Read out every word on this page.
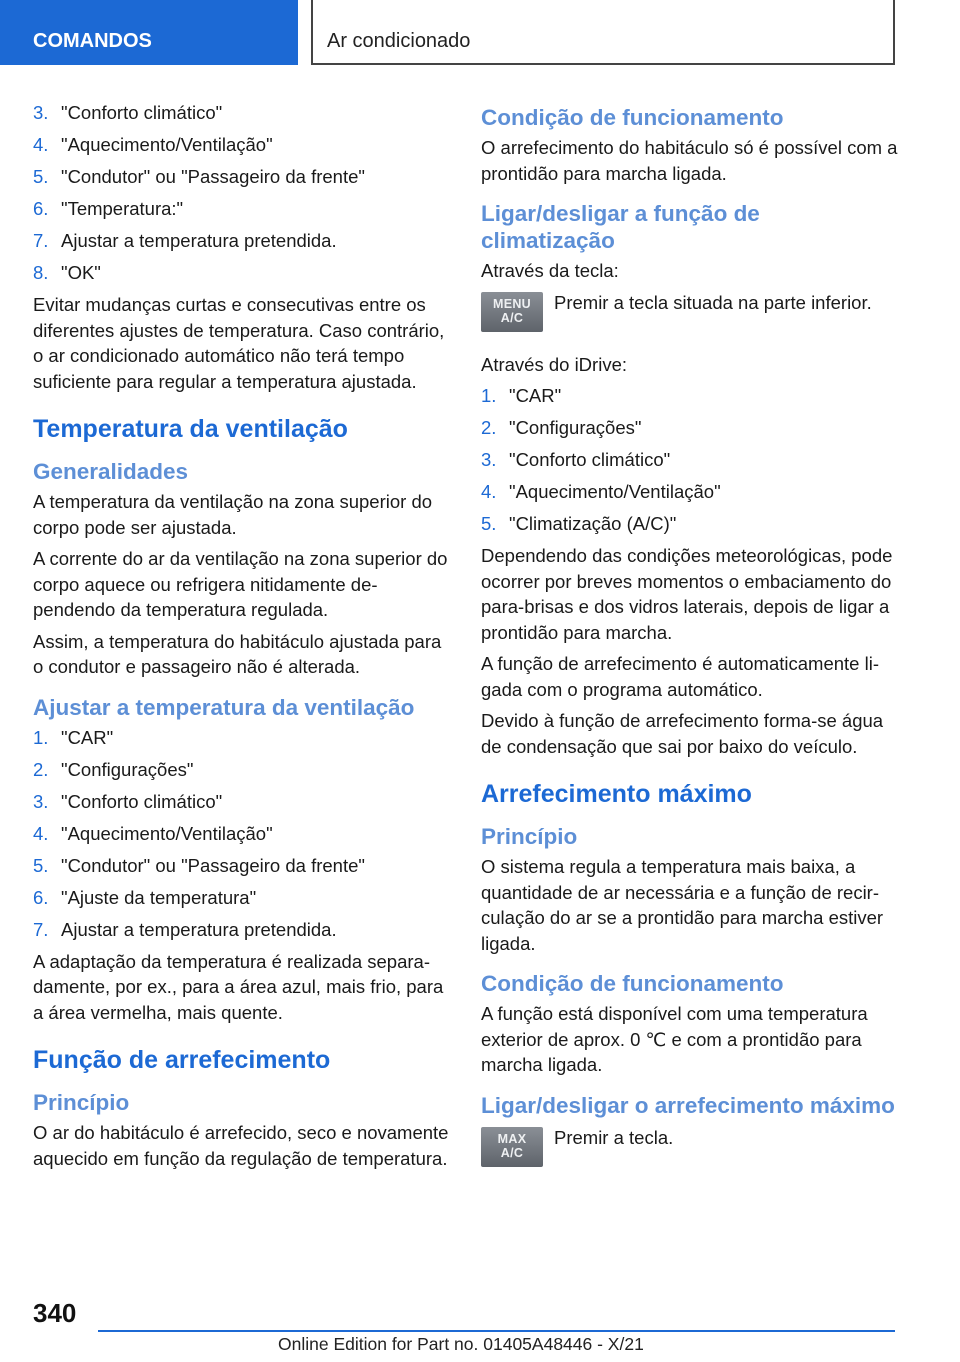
COMANDOS	Ar condicionado
3. "Conforto climático"
4. "Aquecimento/Ventilação"
5. "Condutor" ou "Passageiro da frente"
6. "Temperatura:"
7. Ajustar a temperatura pretendida.
8. "OK"

Evitar mudanças curtas e consecutivas entre os diferentes ajustes de temperatura. Caso contrário, o ar condicionado automático não terá tempo suficiente para regular a temperatura ajustada.

Temperatura da ventilação
Generalidades

A temperatura da ventilação na zona superior do corpo pode ser ajustada.

A corrente do ar da ventilação na zona superior do corpo aquece ou refrigera nitidamente dependendo da temperatura regulada.

Assim, a temperatura do habitáculo ajustada para o condutor e passageiro não é alterada.

Ajustar a temperatura da ventilação
1. "CAR"
2. "Configurações"
3. "Conforto climático"
4. "Aquecimento/Ventilação"
5. "Condutor" ou "Passageiro da frente"
6. "Ajuste da temperatura"
7. Ajustar a temperatura pretendida.

A adaptação da temperatura é realizada separadamente, por ex., para a área azul, mais frio, para a área vermelha, mais quente.

Função de arrefecimento
Princípio

O ar do habitáculo é arrefecido, seco e novamente aquecido em função da regulação de temperatura.

Condição de funcionamento

O arrefecimento do habitáculo só é possível com a prontidão para marcha ligada.

Ligar/desligar a função de climatização

Através da tecla:

MENU
A/C
Premir a tecla situada na parte inferior.

Através do iDrive:

1. "CAR"
2. "Configurações"
3. "Conforto climático"
4. "Aquecimento/Ventilação"
5. "Climatização (A/C)"

Dependendo das condições meteorológicas, pode ocorrer por breves momentos o embaciamento do para-brisas e dos vidros laterais, depois de ligar a prontidão para marcha.

A função de arrefecimento é automaticamente ligada com o programa automático.

Devido à função de arrefecimento forma-se água de condensação que sai por baixo do veículo.

Arrefecimento máximo
Princípio

O sistema regula a temperatura mais baixa, a quantidade de ar necessária e a função de recirculação do ar se a prontidão para marcha estiver ligada.

Condição de funcionamento

A função está disponível com uma temperatura exterior de aprox. 0 ℃ e com a prontidão para marcha ligada.

Ligar/desligar o arrefecimento máximo
MAX
A/C
Premir a tecla.
340
Online Edition for Part no. 01405A48446 - X/21
